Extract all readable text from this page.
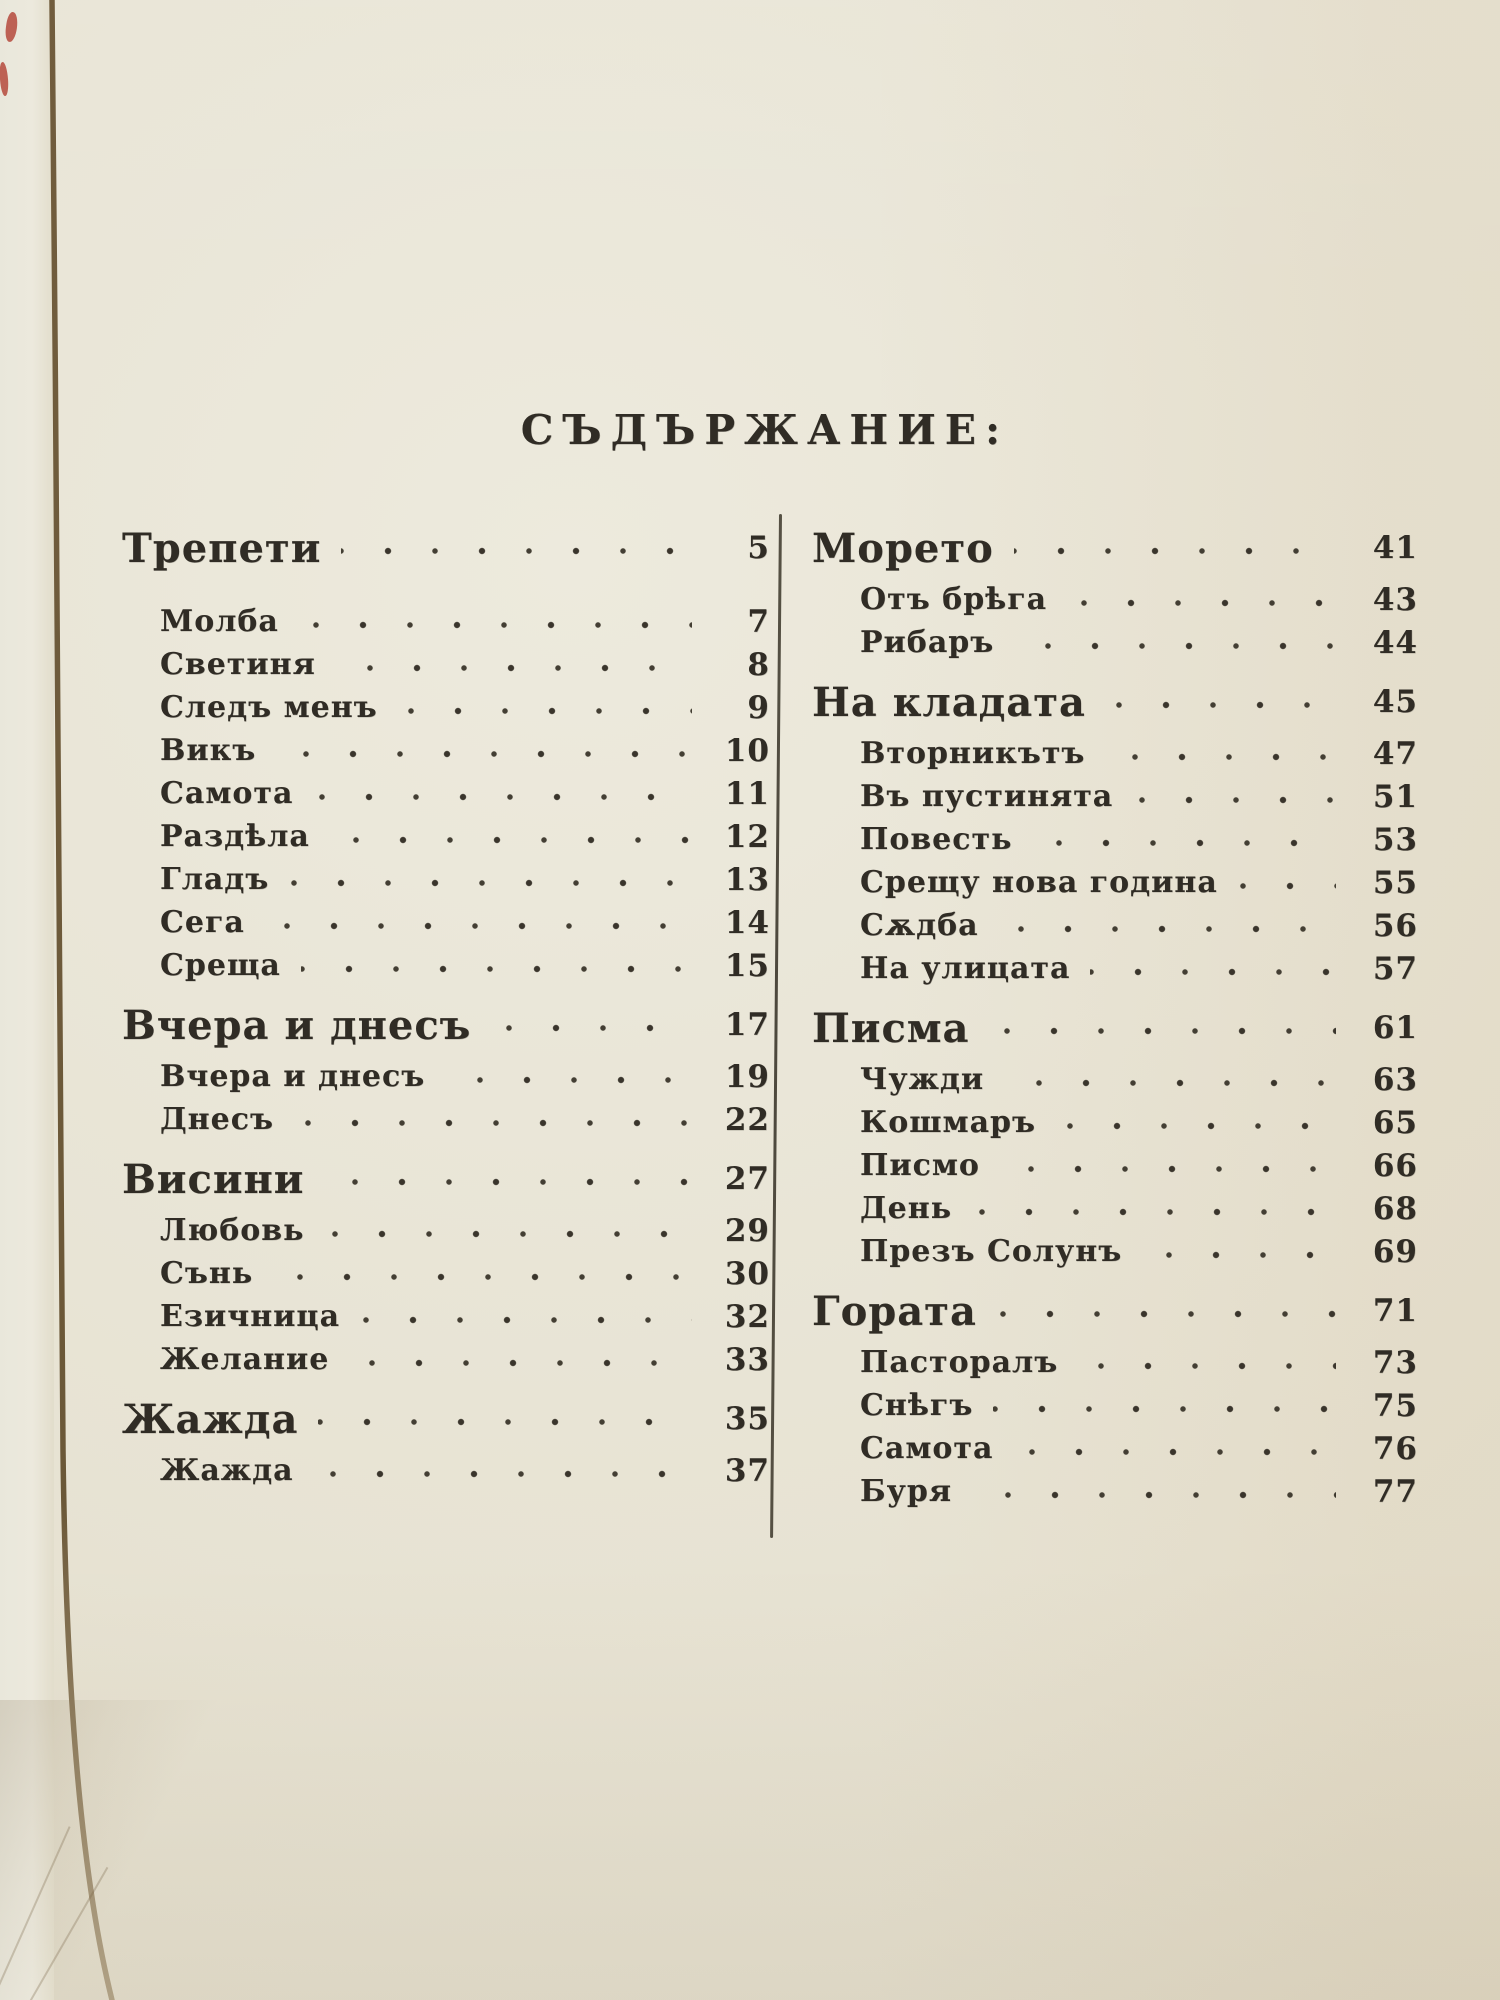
СЪДЪРЖАНИЕ:
Трепети	5
Молба	7
Светиня	8
Следъ менъ	9
Викъ	10
Самота	11
Раздѣла	12
Гладъ	13
Сега	14
Среща	15
Вчера и днесъ	17
Вчера и днесъ	19
Днесъ	22
Висини	27
Любовь	29
Сънь	30
Езичница	32
Желание	33
Жажда	35
Жажда	37
Морето	41
Отъ брѣга	43
Рибаръ	44
На кладата	45
Вторникътъ	47
Въ пустинята	51
Повесть	53
Срещу нова година	55
Сѫдба	56
На улицата	57
Писма	61
Чужди	63
Кошмаръ	65
Писмо	66
День	68
Презъ Солунъ	69
Гората	71
Пасторалъ	73
Снѣгъ	75
Самота	76
Буря	77
